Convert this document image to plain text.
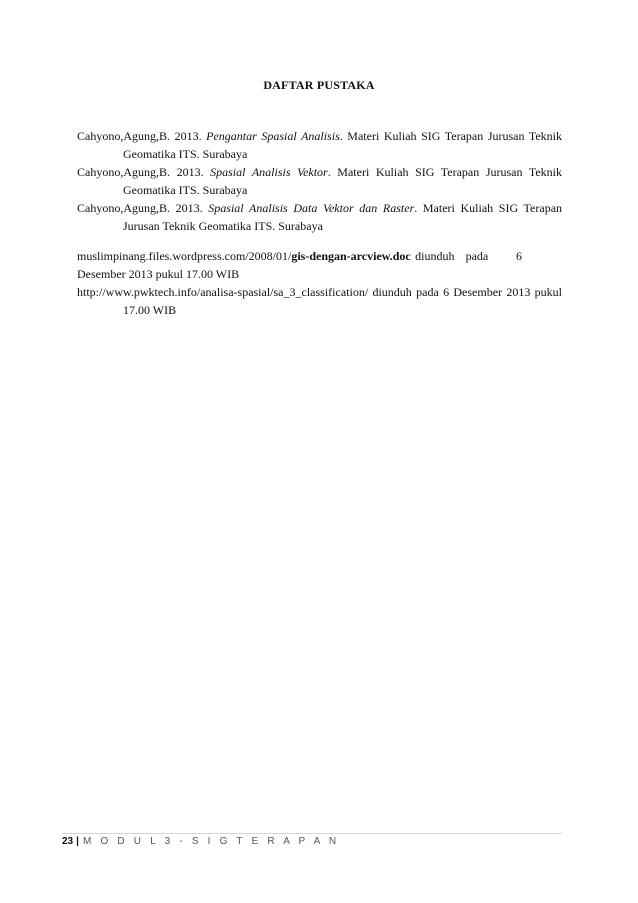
DAFTAR PUSTAKA

Cahyono,Agung,B. 2013. Pengantar Spasial Analisis. Materi Kuliah SIG Terapan Jurusan Teknik Geomatika ITS. Surabaya

Cahyono,Agung,B. 2013. Spasial Analisis Vektor. Materi Kuliah SIG Terapan Jurusan Teknik Geomatika ITS. Surabaya

Cahyono,Agung,B. 2013. Spasial Analisis Data Vektor dan Raster. Materi Kuliah SIG Terapan Jurusan Teknik Geomatika ITS. Surabaya

muslimpinang.files.wordpress.com/2008/01/gis-dengan-arcview.doc diunduh pada	6
Desember 2013 pukul 17.00 WIB

http://www.pwktech.info/analisa-spasial/sa_3_classification/ diunduh pada 6 Desember 2013 pukul 17.00 WIB

23 | M O D U L 3 - S I G T E R A P A N
